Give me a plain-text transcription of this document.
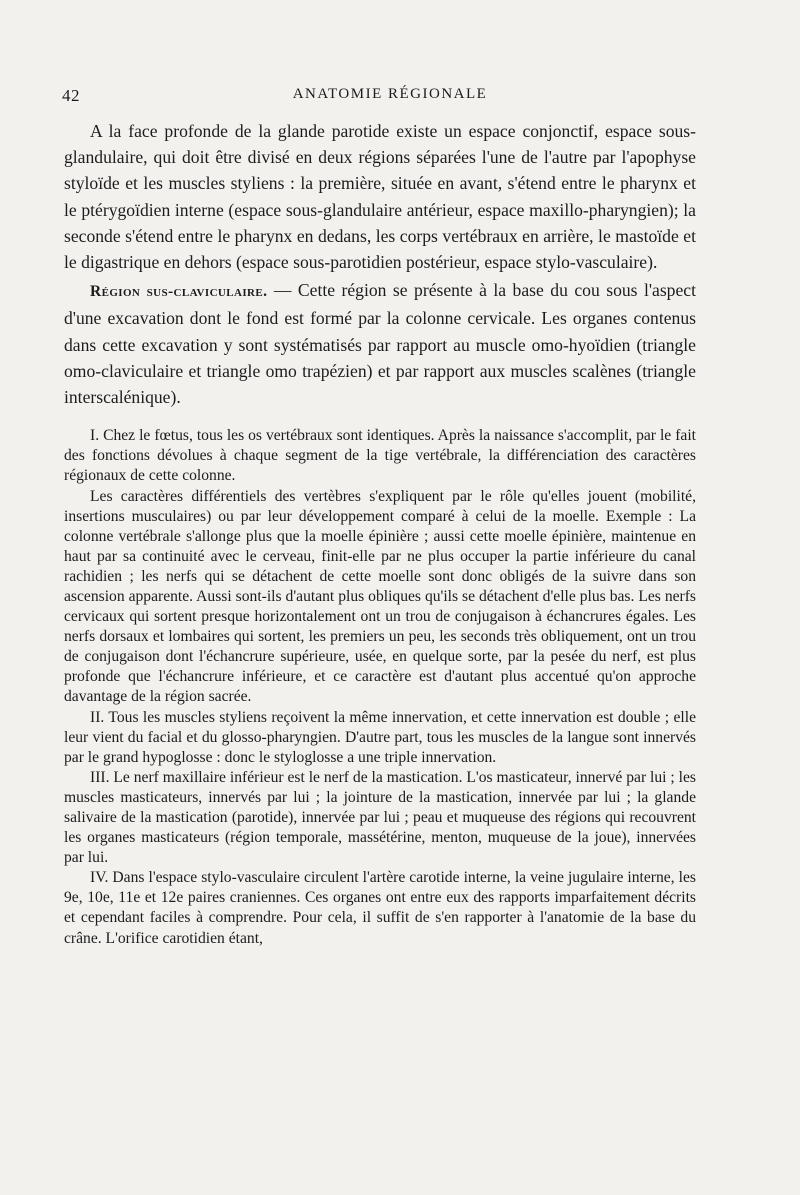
42	ANATOMIE RÉGIONALE

A la face profonde de la glande parotide existe un espace conjonctif, espace sous-glandulaire, qui doit être divisé en deux régions séparées l'une de l'autre par l'apophyse styloïde et les muscles styliens : la première, située en avant, s'étend entre le pharynx et le ptérygoïdien interne (espace sous-glandulaire antérieur, espace maxillo-pharyngien); la seconde s'étend entre le pharynx en dedans, les corps vertébraux en arrière, le mastoïde et le digastrique en dehors (espace sous-parotidien postérieur, espace stylo-vasculaire).

Région sus-claviculaire. — Cette région se présente à la base du cou sous l'aspect d'une excavation dont le fond est formé par la colonne cervicale. Les organes contenus dans cette excavation y sont systématisés par rapport au muscle omo-hyoïdien (triangle omo-claviculaire et triangle omo trapézien) et par rapport aux muscles scalènes (triangle interscalénique).

I. Chez le fœtus, tous les os vertébraux sont identiques. Après la naissance s'accomplit, par le fait des fonctions dévolues à chaque segment de la tige vertébrale, la différenciation des caractères régionaux de cette colonne.

Les caractères différentiels des vertèbres s'expliquent par le rôle qu'elles jouent (mobilité, insertions musculaires) ou par leur développement comparé à celui de la moelle. Exemple : La colonne vertébrale s'allonge plus que la moelle épinière ; aussi cette moelle épinière, maintenue en haut par sa continuité avec le cerveau, finit-elle par ne plus occuper la partie inférieure du canal rachidien ; les nerfs qui se détachent de cette moelle sont donc obligés de la suivre dans son ascension apparente. Aussi sont-ils d'autant plus obliques qu'ils se détachent d'elle plus bas. Les nerfs cervicaux qui sortent presque horizontalement ont un trou de conjugaison à échancrures égales. Les nerfs dorsaux et lombaires qui sortent, les premiers un peu, les seconds très obliquement, ont un trou de conjugaison dont l'échancrure supérieure, usée, en quelque sorte, par la pesée du nerf, est plus profonde que l'échancrure inférieure, et ce caractère est d'autant plus accentué qu'on approche davantage de la région sacrée.

II. Tous les muscles styliens reçoivent la même innervation, et cette innervation est double ; elle leur vient du facial et du glosso-pharyngien. D'autre part, tous les muscles de la langue sont innervés par le grand hypoglosse : donc le styloglosse a une triple innervation.

III. Le nerf maxillaire inférieur est le nerf de la mastication. L'os masticateur, innervé par lui ; les muscles masticateurs, innervés par lui ; la jointure de la mastication, innervée par lui ; la glande salivaire de la mastication (parotide), innervée par lui ; peau et muqueuse des régions qui recouvrent les organes masticateurs (région temporale, massétérine, menton, muqueuse de la joue), innervées par lui.

IV. Dans l'espace stylo-vasculaire circulent l'artère carotide interne, la veine jugulaire interne, les 9e, 10e, 11e et 12e paires craniennes. Ces organes ont entre eux des rapports imparfaitement décrits et cependant faciles à comprendre. Pour cela, il suffit de s'en rapporter à l'anatomie de la base du crâne. L'orifice carotidien étant,
